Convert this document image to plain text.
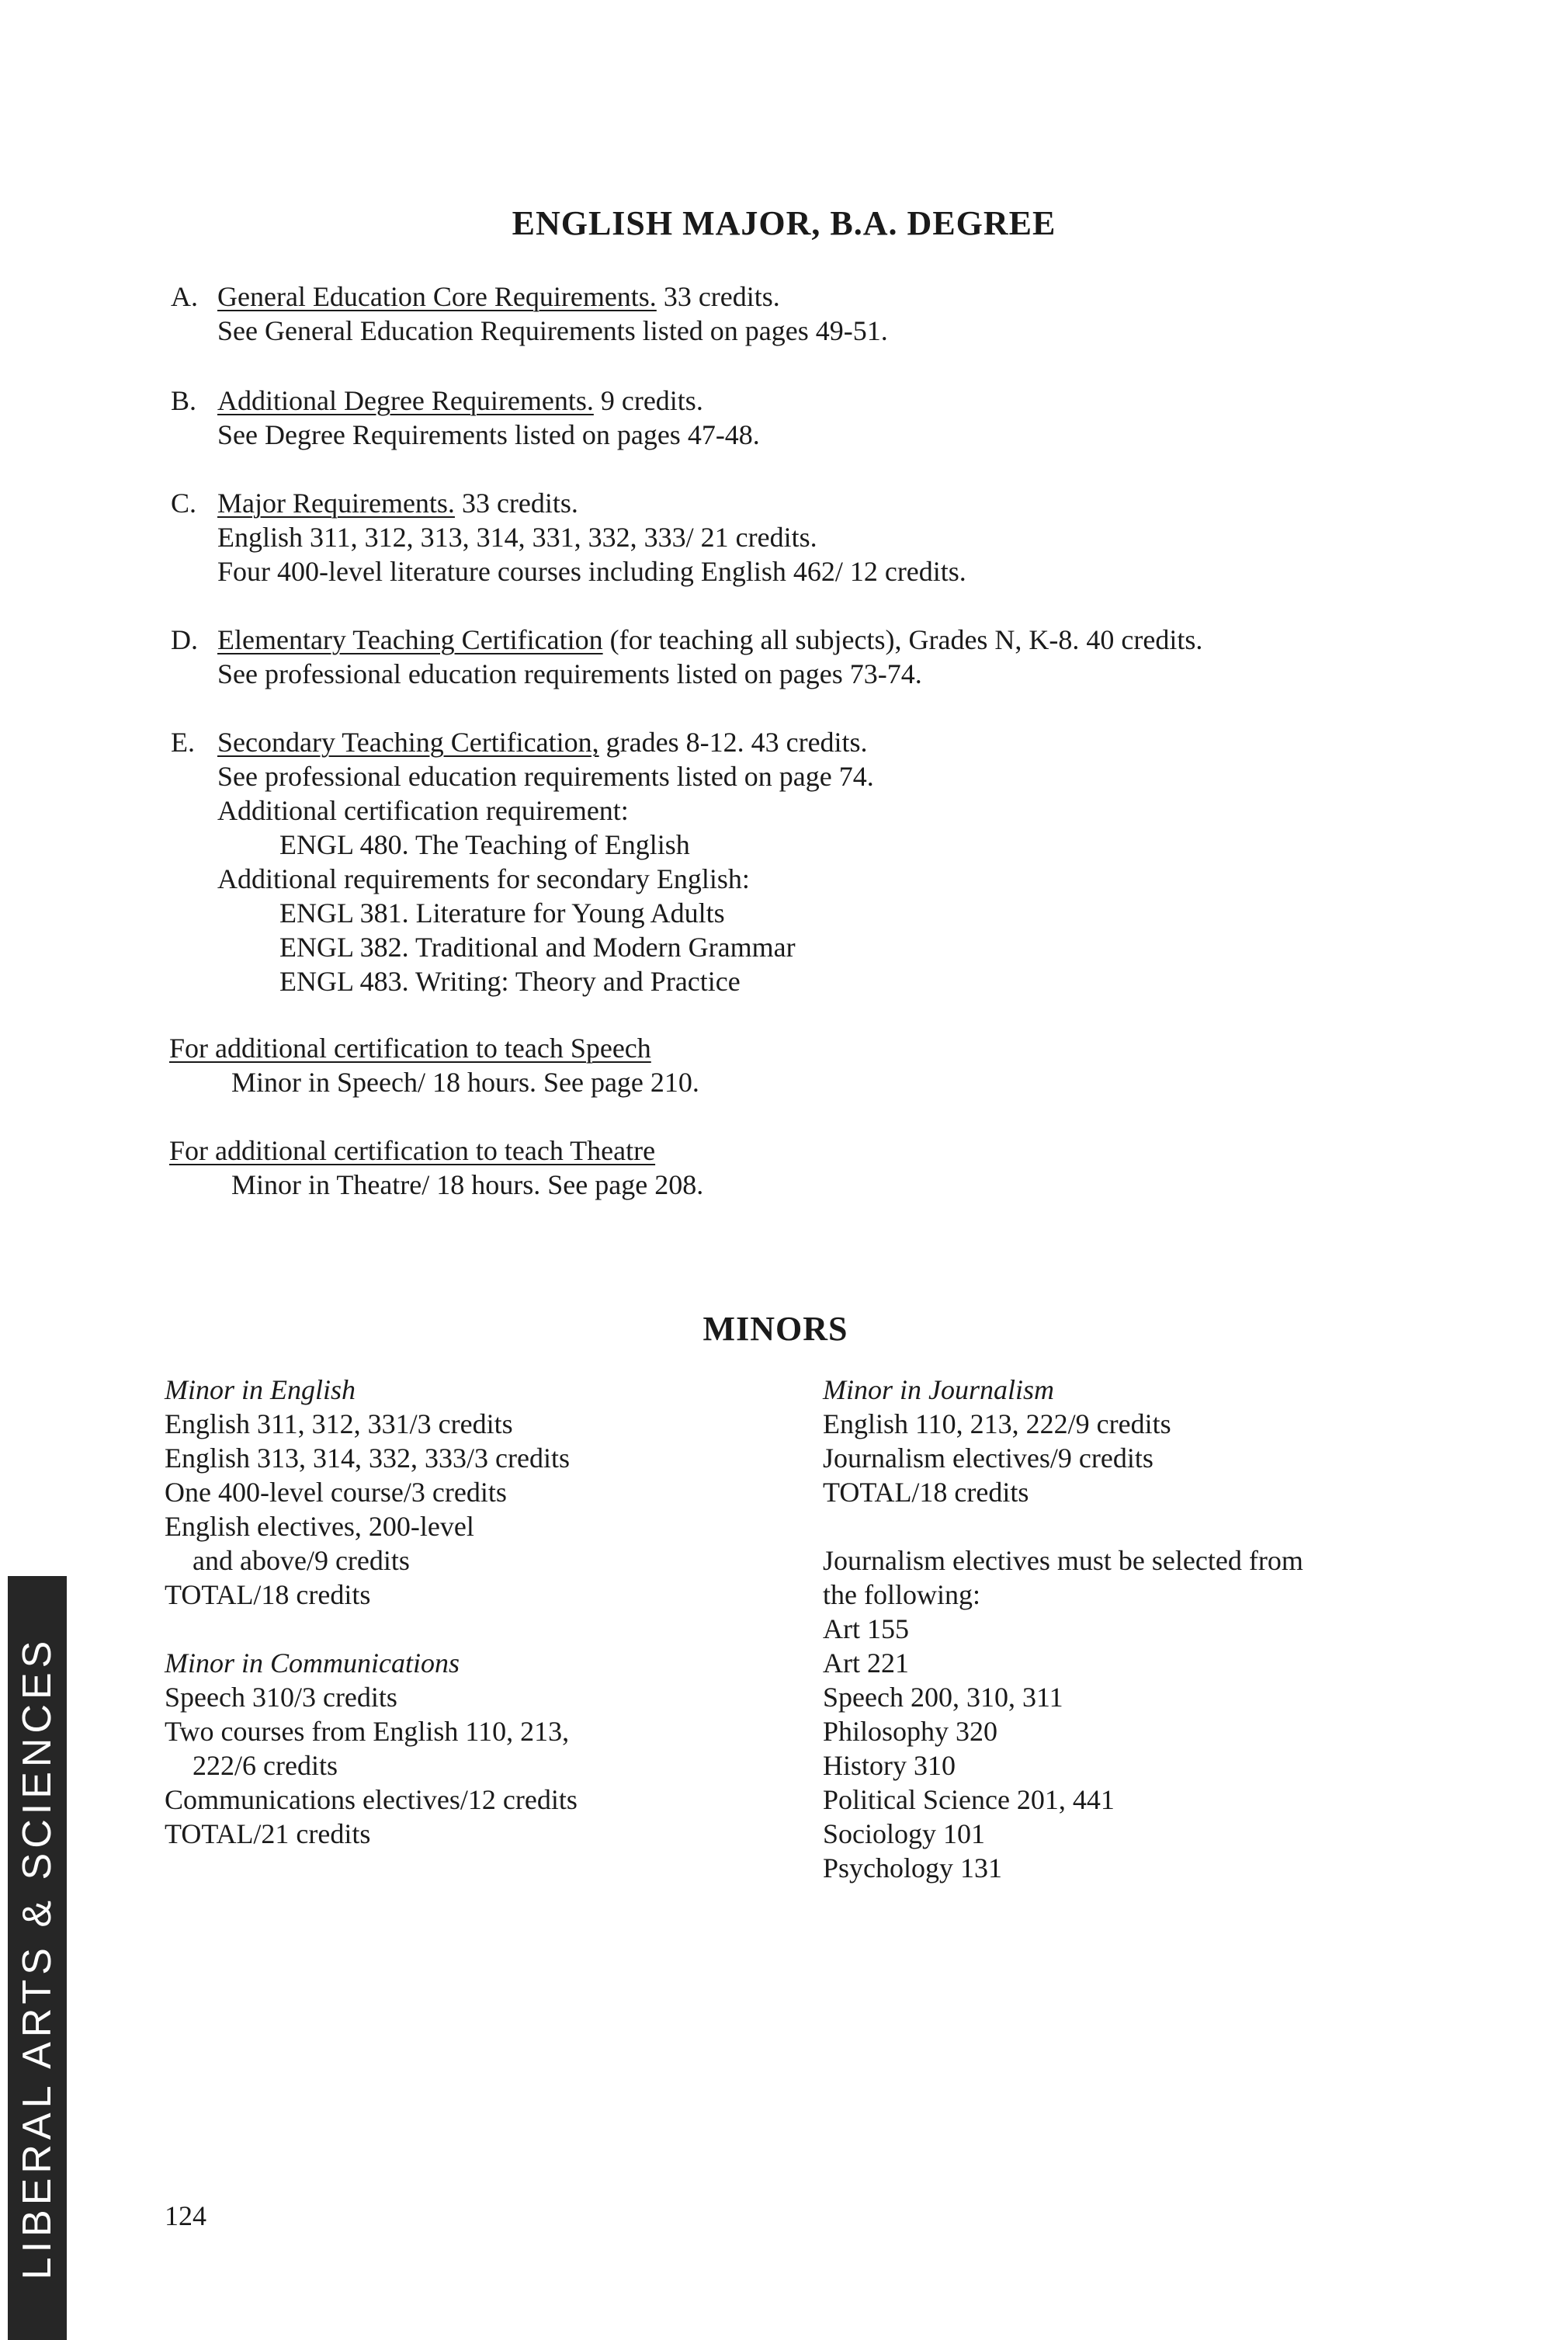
ENGLISH MAJOR, B.A. DEGREE
A. General Education Core Requirements. 33 credits.
See General Education Requirements listed on pages 49-51.
B. Additional Degree Requirements. 9 credits.
See Degree Requirements listed on pages 47-48.
C. Major Requirements. 33 credits.
English 311, 312, 313, 314, 331, 332, 333/ 21 credits.
Four 400-level literature courses including English 462/ 12 credits.
D. Elementary Teaching Certification (for teaching all subjects), Grades N, K-8. 40 credits.
See professional education requirements listed on pages 73-74.
E. Secondary Teaching Certification, grades 8-12. 43 credits.
See professional education requirements listed on page 74.
Additional certification requirement:
ENGL 480. The Teaching of English
Additional requirements for secondary English:
ENGL 381. Literature for Young Adults
ENGL 382. Traditional and Modern Grammar
ENGL 483. Writing: Theory and Practice
For additional certification to teach Speech
Minor in Speech/ 18 hours. See page 210.
For additional certification to teach Theatre
Minor in Theatre/ 18 hours. See page 208.
MINORS
Minor in English
English 311, 312, 331/3 credits
English 313, 314, 332, 333/3 credits
One 400-level course/3 credits
English electives, 200-level
and above/9 credits
TOTAL/18 credits
Minor in Communications
Speech 310/3 credits
Two courses from English 110, 213,
222/6 credits
Communications electives/12 credits
TOTAL/21 credits
Minor in Journalism
English 110, 213, 222/9 credits
Journalism electives/9 credits
TOTAL/18 credits
Journalism electives must be selected from
the following:
Art 155
Art 221
Speech 200, 310, 311
Philosophy 320
History 310
Political Science 201, 441
Sociology 101
Psychology 131
LIBERAL ARTS & SCIENCES	124
